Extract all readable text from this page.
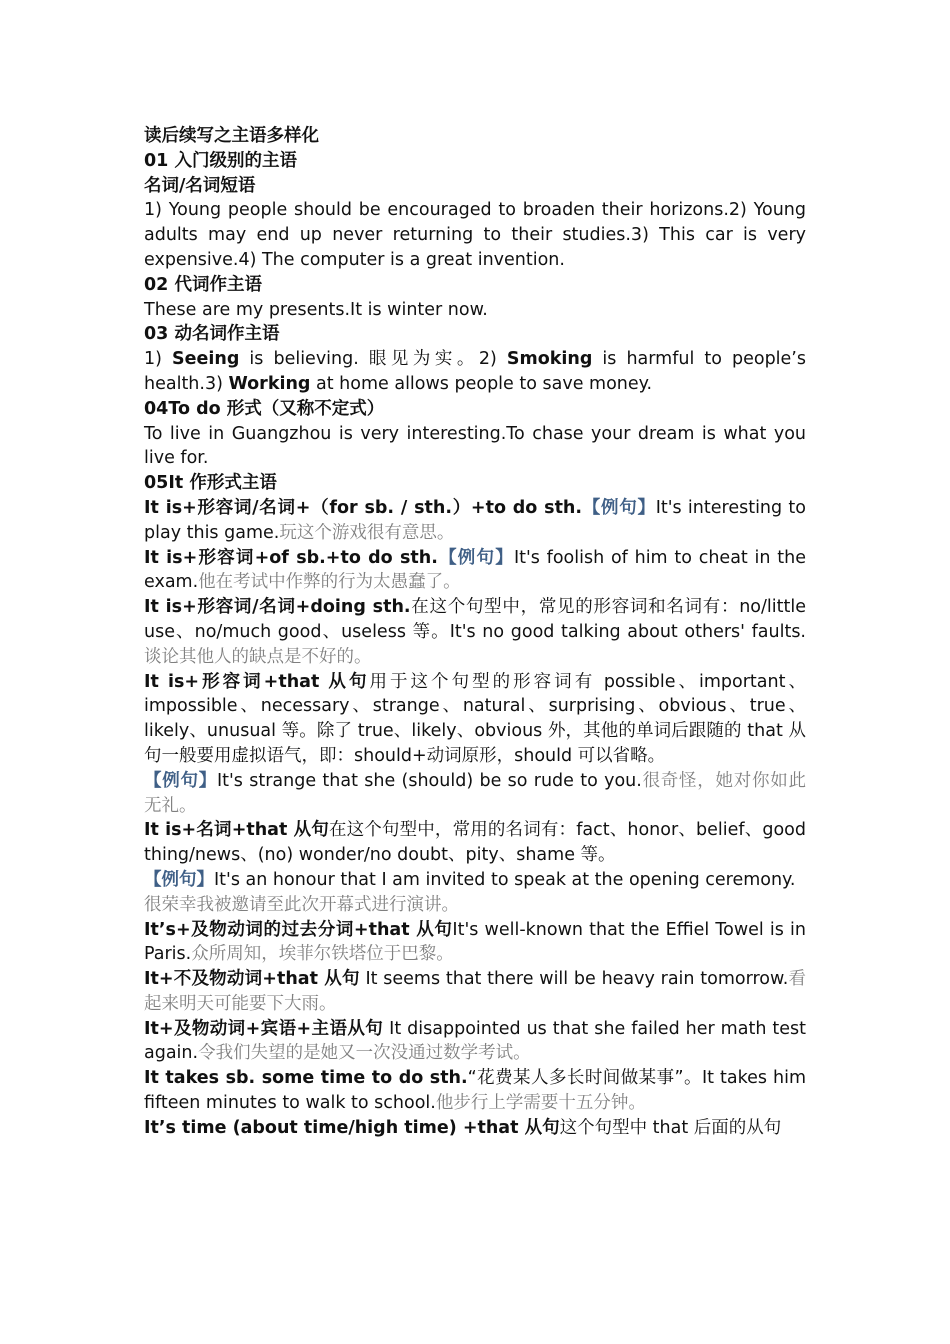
读后续写之主语多样化

01 入门级别的主语

名词/名词短语

1) Young people should be encouraged to broaden their horizons.2) Young adults may end up never returning to their studies.3) This car is very expensive.4) The computer is a great invention.

02 代词作主语

These are my presents.It is winter now.

03 动名词作主语

1) Seeing is believing. 眼见为实。2) Smoking is harmful to people’s health.3) Working at home allows people to save money.

04To do 形式（又称不定式）

To live in Guangzhou is very interesting.To chase your dream is what you live for.

05It 作形式主语

It is+形容词/名词+（for sb. / sth.）+to do sth.【例句】It's interesting to play this game.玩这个游戏很有意思。

It is+形容词+of sb.+to do sth.【例句】It's foolish of him to cheat in the exam.他在考试中作弊的行为太愚蠢了。

It is+形容词/名词+doing sth.在这个句型中，常见的形容词和名词有：no/little use、no/much good、useless 等。It's no good talking about others' faults.谈论其他人的缺点是不好的。

It is+形容词+that 从句用于这个句型的形容词有 possible、important、impossible、necessary、strange、natural、surprising、obvious、true、likely、unusual 等。除了 true、likely、obvious 外，其他的单词后跟随的 that 从句一般要用虚拟语气，即：should+动词原形，should 可以省略。

【例句】It's strange that she (should) be so rude to you.很奇怪，她对你如此无礼。

It is+名词+that 从句在这个句型中，常用的名词有：fact、honor、belief、good thing/news、(no) wonder/no doubt、pity、shame 等。

【例句】It's an honour that I am invited to speak at the opening ceremony.

很荣幸我被邀请至此次开幕式进行演讲。

It’s+及物动词的过去分词+that 从句It's well-known that the Effiel Towel is in Paris.众所周知，埃菲尔铁塔位于巴黎。

It+不及物动词+that 从句 It seems that there will be heavy rain tomorrow.看起来明天可能要下大雨。

It+及物动词+宾语+主语从句 It disappointed us that she failed her math test again.令我们失望的是她又一次没通过数学考试。

It takes sb. some time to do sth.“花费某人多长时间做某事”。It takes him fifteen minutes to walk to school.他步行上学需要十五分钟。

It’s time (about time/high time) +that 从句这个句型中 that 后面的从句
